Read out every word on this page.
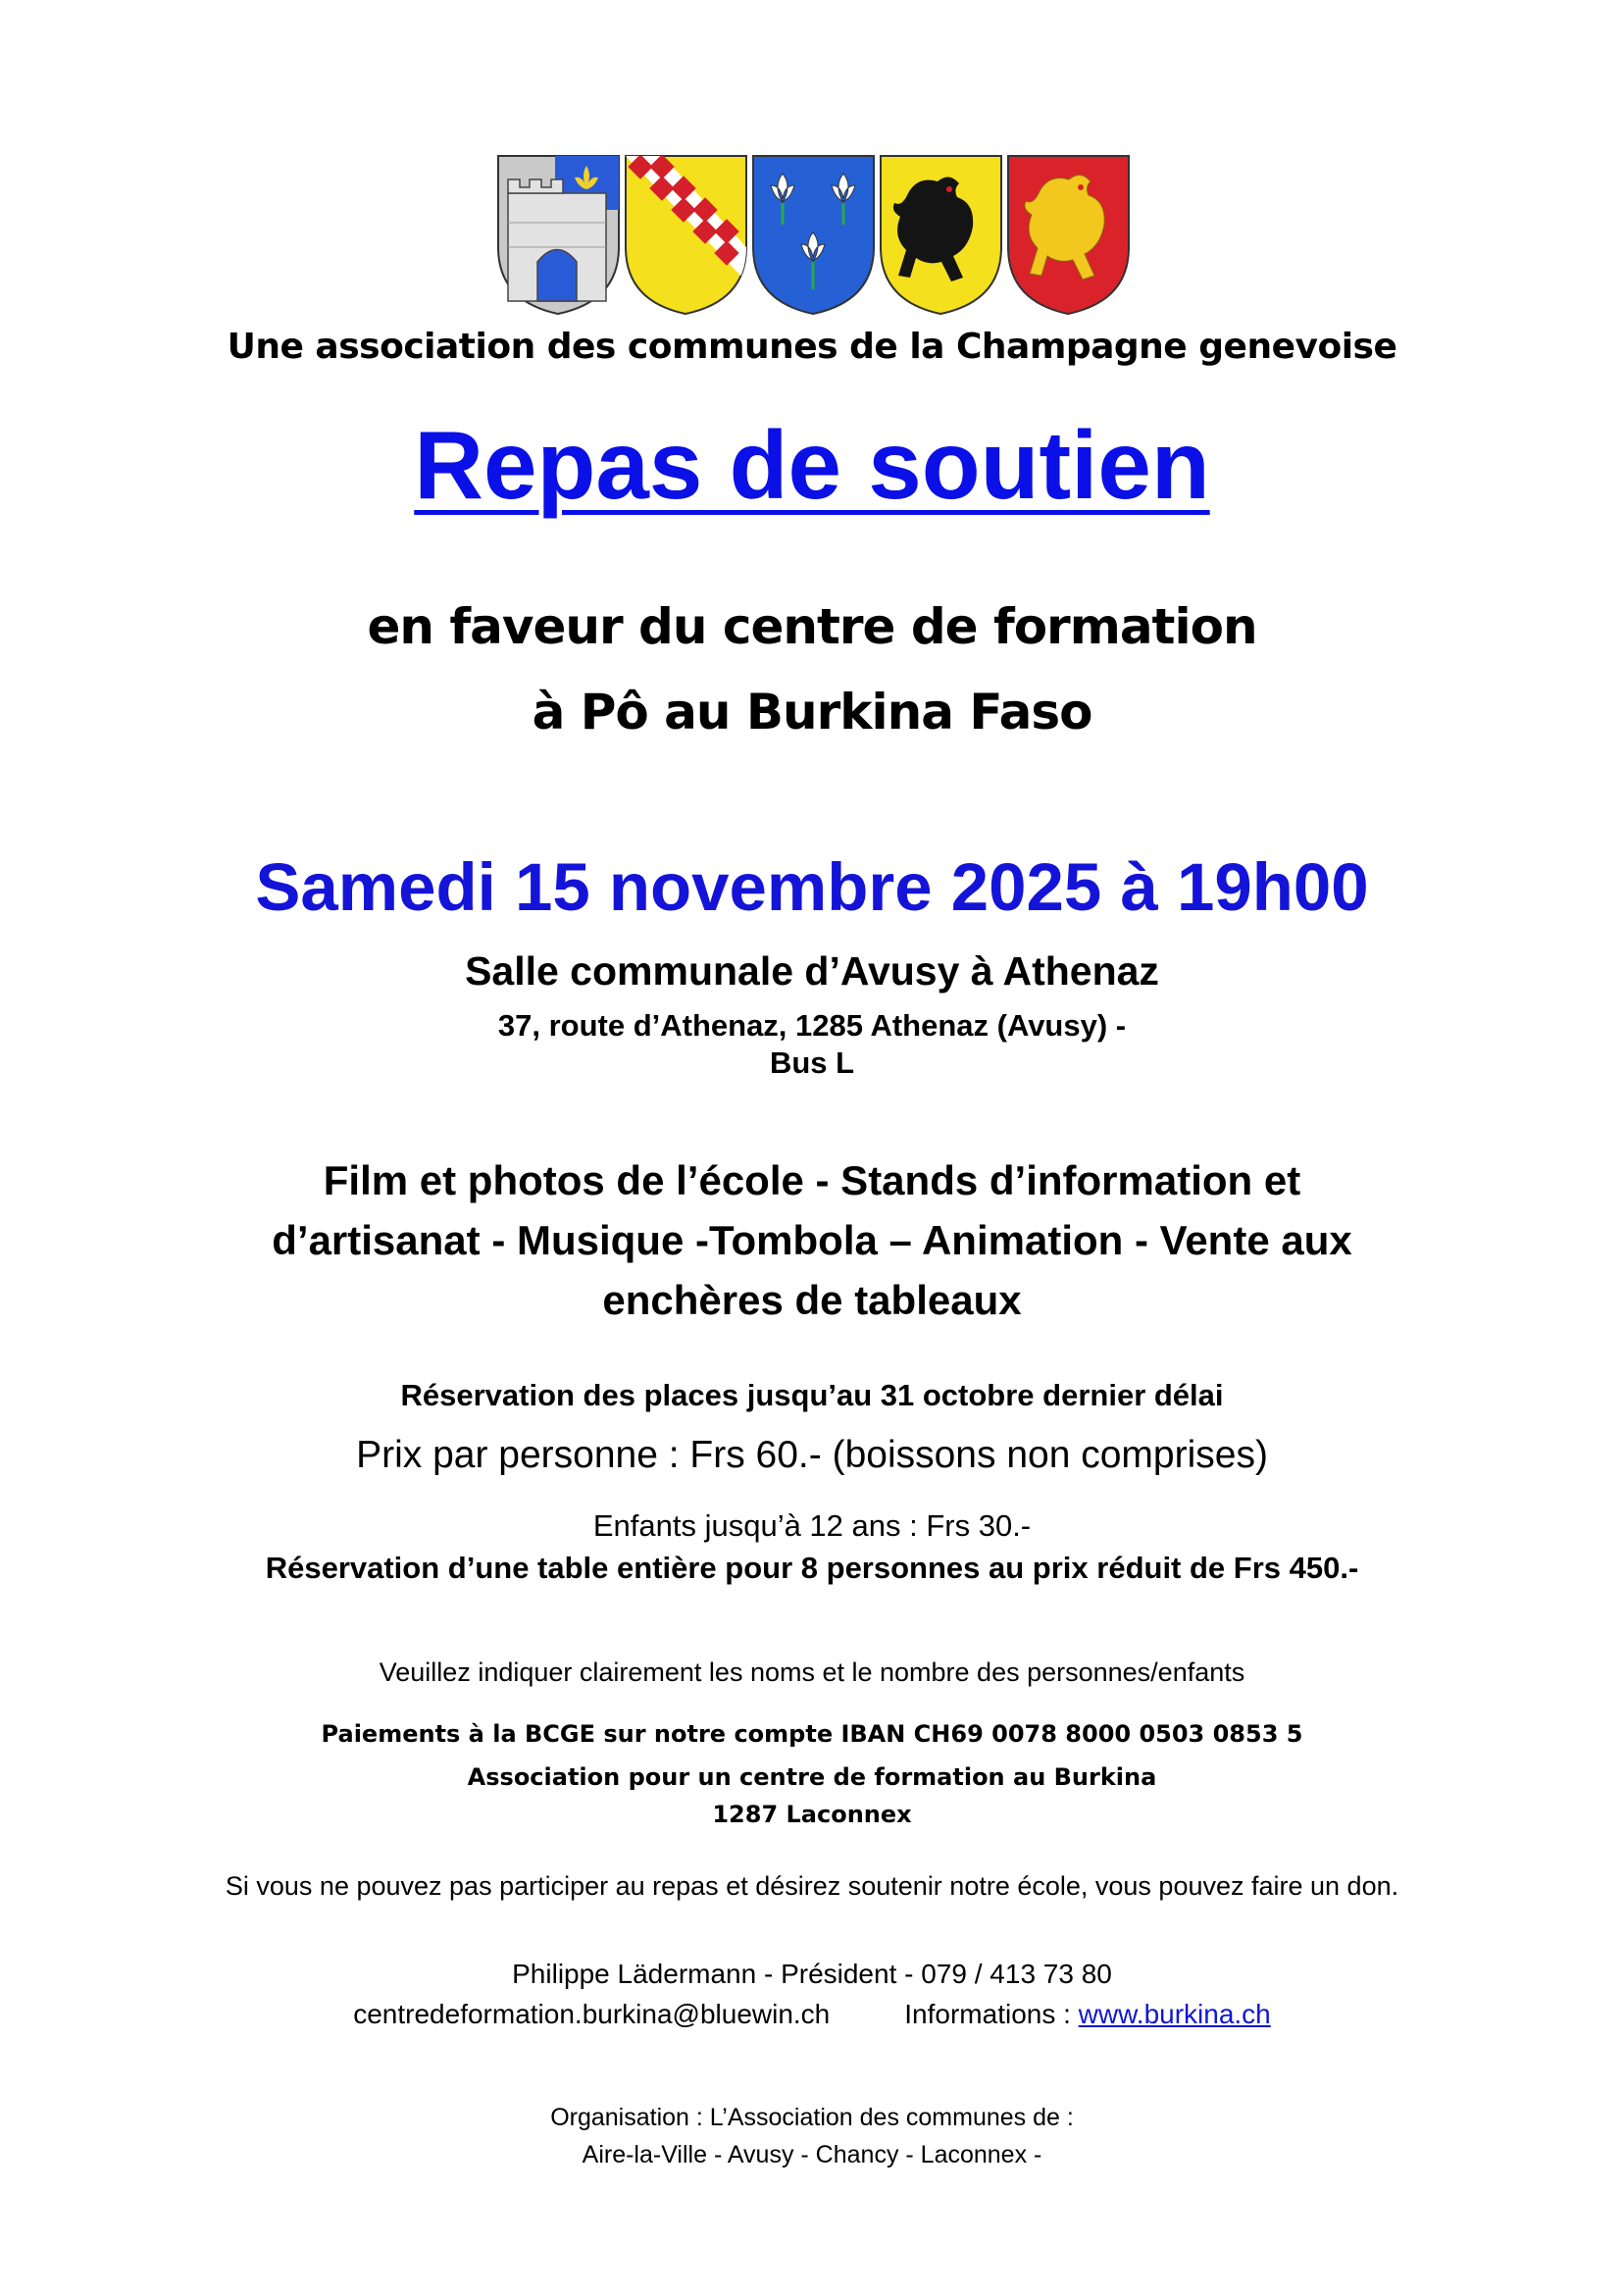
Une association des communes de la Champagne genevoise
Repas de soutien
en faveur du centre de formation
à Pô au Burkina Faso
Samedi 15 novembre 2025 à 19h00
Salle communale d’Avusy à Athenaz
37, route d’Athenaz, 1285 Athenaz (Avusy) -
Bus L
Film et photos de l’école - Stands d’information et
d’artisanat - Musique -Tombola – Animation - Vente aux
enchères de tableaux
Réservation des places jusqu’au 31 octobre dernier délai
Prix par personne : Frs 60.- (boissons non comprises)
Enfants jusqu’à 12 ans : Frs 30.-
Réservation d’une table entière pour 8 personnes au prix réduit de Frs 450.-
Veuillez indiquer clairement les noms et le nombre des personnes/enfants
Paiements à la BCGE sur notre compte IBAN CH69 0078 8000 0503 0853 5
Association pour un centre de formation au Burkina
1287 Laconnex
Si vous ne pouvez pas participer au repas et désirez soutenir notre école, vous pouvez faire un don.
Philippe Lädermann - Président - 079 / 413 73 80
centredeformation.burkina@bluewin.ch	Informations : www.burkina.ch
Organisation : L’Association des communes de :
Aire-la-Ville - Avusy - Chancy - Laconnex -
